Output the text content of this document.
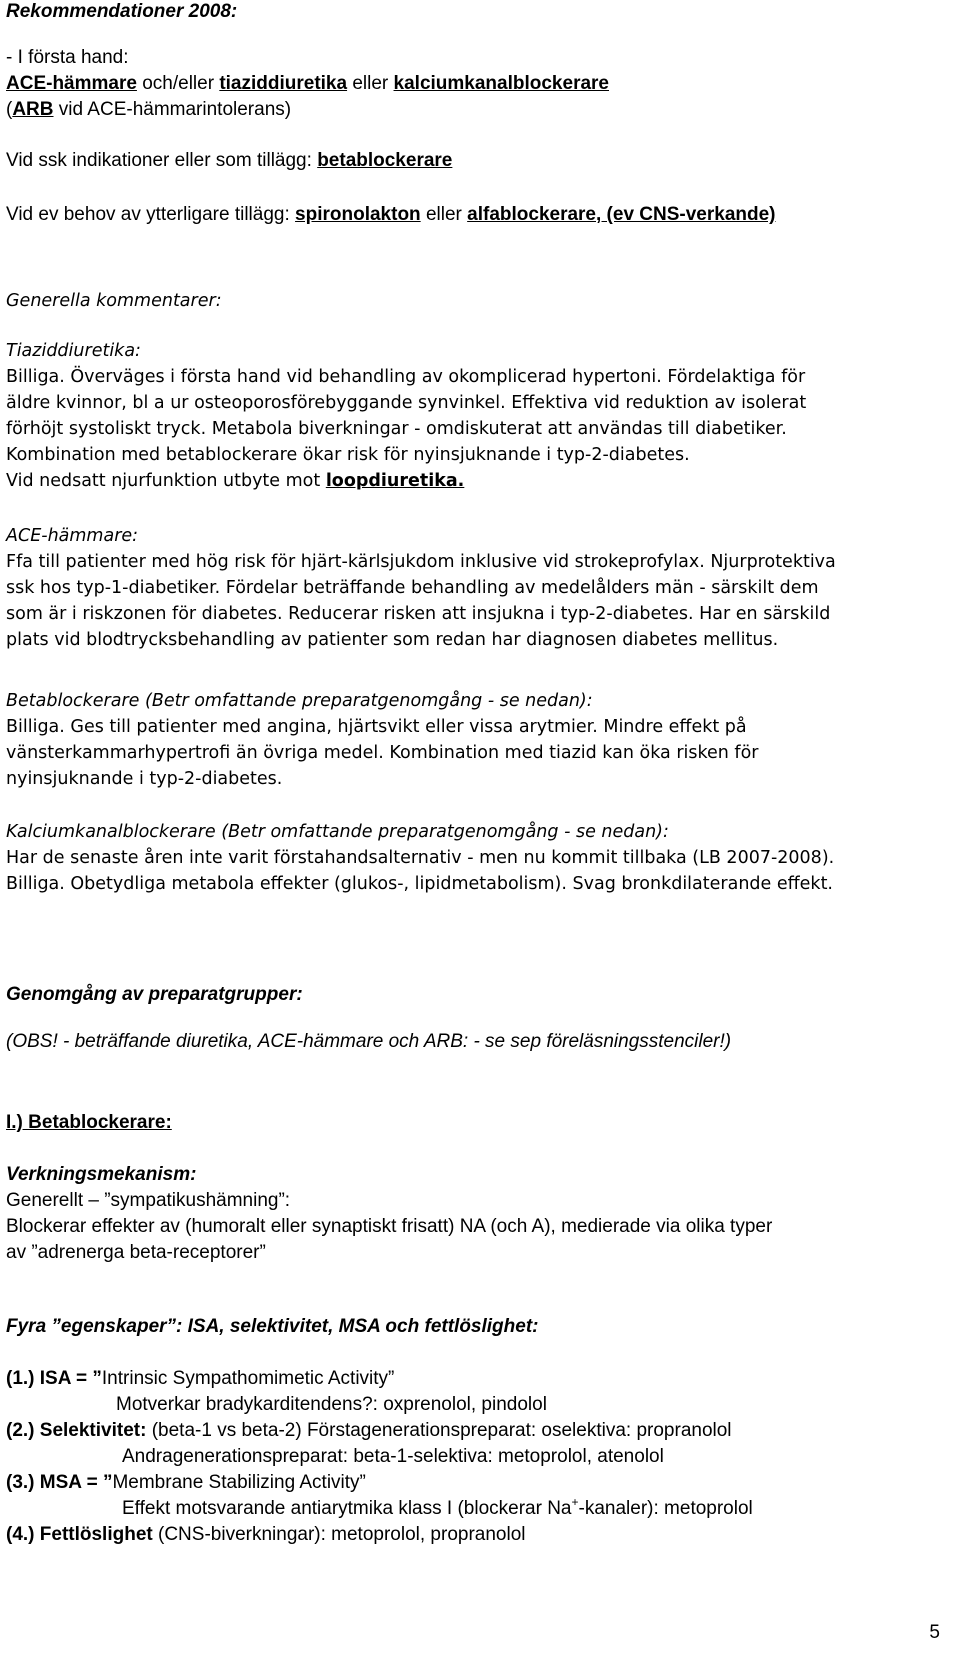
Rekommendationer 2008:
- I första hand:
ACE-hämmare och/eller tiaziddiuretika eller kalciumkanalblockerare
(ARB vid ACE-hämmarintolerans)
Vid ssk indikationer eller som tillägg: betablockerare
Vid ev behov av ytterligare tillägg: spironolakton eller alfablockerare, (ev CNS-verkande)
Generella kommentarer:
Tiaziddiuretika:
Billiga. Överväges i första hand vid behandling av okomplicerad hypertoni. Fördelaktiga för
äldre kvinnor, bl a ur osteoporosförebyggande synvinkel. Effektiva vid reduktion av isolerat
förhöjt systoliskt tryck. Metabola biverkningar - omdiskuterat att användas till diabetiker.
Kombination med betablockerare ökar risk för nyinsjuknande i typ-2-diabetes.
Vid nedsatt njurfunktion utbyte mot loopdiuretika.
ACE-hämmare:
Ffa till patienter med hög risk för hjärt-kärlsjukdom inklusive vid strokeprofylax. Njurprotektiva
ssk hos typ-1-diabetiker. Fördelar beträffande behandling av medelålders män - särskilt dem
som är i riskzonen för diabetes. Reducerar risken att insjukna i typ-2-diabetes. Har en särskild
plats vid blodtrycksbehandling av patienter som redan har diagnosen diabetes mellitus.
Betablockerare (Betr omfattande preparatgenomgång - se nedan):
Billiga. Ges till patienter med angina, hjärtsvikt eller vissa arytmier. Mindre effekt på
vänsterkammarhypertrofi än övriga medel. Kombination med tiazid kan öka risken för
nyinsjuknande i typ-2-diabetes.
Kalciumkanalblockerare (Betr omfattande preparatgenomgång - se nedan):
Har de senaste åren inte varit förstahandsalternativ - men nu kommit tillbaka (LB 2007-2008).
Billiga. Obetydliga metabola effekter (glukos-, lipidmetabolism). Svag bronkdilaterande effekt.
Genomgång av preparatgrupper:
(OBS! - beträffande diuretika, ACE-hämmare och ARB: - se sep föreläsningsstenciler!)
I.) Betablockerare:
Verkningsmekanism:
Generellt – ”sympatikushämning”:
Blockerar effekter av (humoralt eller synaptiskt frisatt) NA (och A), medierade via olika typer
av ”adrenerga beta-receptorer”
Fyra ”egenskaper”: ISA, selektivitet, MSA och fettlöslighet:
(1.) ISA = ”Intrinsic Sympathomimetic Activity”
Motverkar bradykarditendens?: oxprenolol, pindolol
(2.) Selektivitet: (beta-1 vs beta-2) Förstagenerationspreparat: oselektiva: propranolol
Andragenerationspreparat: beta-1-selektiva: metoprolol, atenolol
(3.) MSA = ”Membrane Stabilizing Activity”
Effekt motsvarande antiarytmika klass I (blockerar Na+-kanaler): metoprolol
(4.) Fettlöslighet (CNS-biverkningar): metoprolol, propranolol
5
